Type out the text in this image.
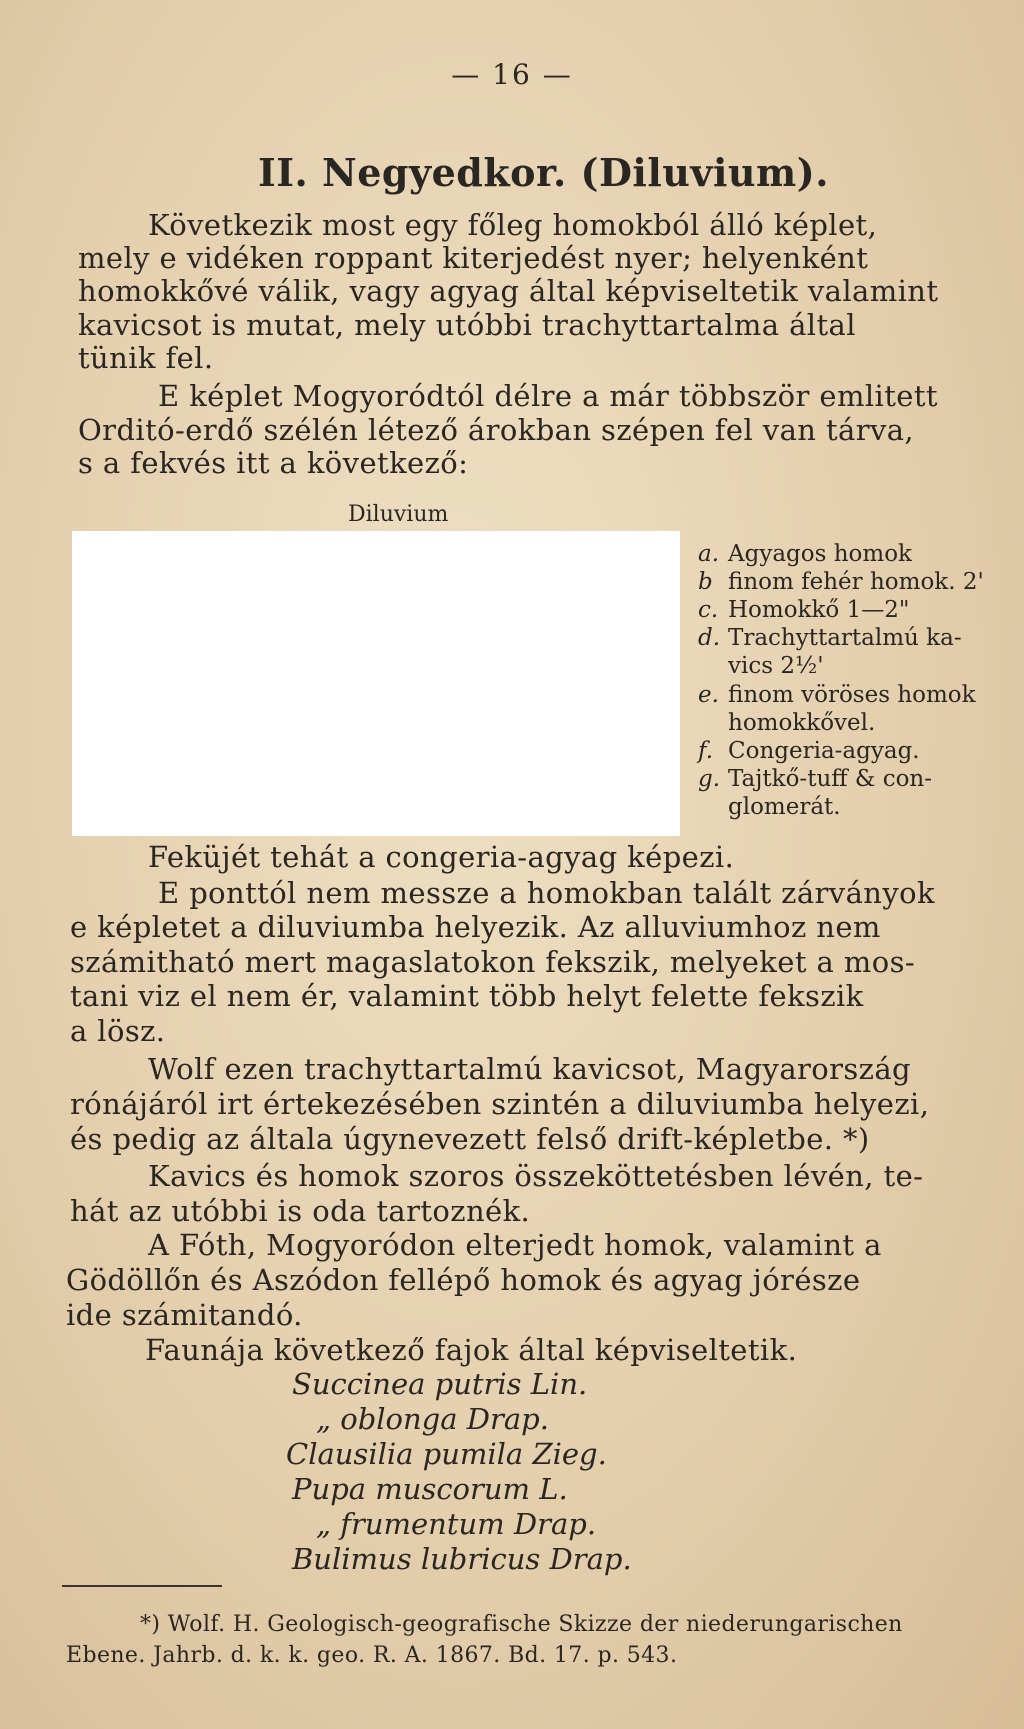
— 16 —
II. Negyedkor. (Diluvium).
Következik most egy főleg homokból álló képlet,
mely e vidéken roppant kiterjedést nyer; helyenként
homokkővé válik, vagy agyag által képviseltetik valamint
kavicsot is mutat, mely utóbbi trachyttartalma által
tünik fel.
E képlet Mogyoródtól délre a már többször emlitett
Orditó-erdő szélén létező árokban szépen fel van tárva,
s a fekvés itt a következő:
Diluvium
a. Agyagos homok
b finom fehér homok. 2'
c. Homokkő 1—2"
d. Trachyttartalmú ka-
vics 2½'
e. finom vöröses homok
homokkővel.
f. Congeria-agyag.
g. Tajtkő-tuff & con-
glomerát.
Feküjét tehát a congeria-agyag képezi.
E ponttól nem messze a homokban talált zárványok
e képletet a diluviumba helyezik. Az alluviumhoz nem
számitható mert magaslatokon fekszik, melyeket a mos-
tani viz el nem ér, valamint több helyt felette fekszik
a lösz.
Wolf ezen trachyttartalmú kavicsot, Magyarország
rónájáról irt értekezésében szintén a diluviumba helyezi,
és pedig az általa úgynevezett felső drift-képletbe. *)
Kavics és homok szoros összeköttetésben lévén, te-
hát az utóbbi is oda tartoznék.
A Fóth, Mogyoródon elterjedt homok, valamint a
Gödöllőn és Aszódon fellépő homok és agyag jórésze
ide számitandó.
Faunája következő fajok által képviseltetik.
Succinea putris Lin.
„ oblonga Drap.
Clausilia pumila Zieg.
Pupa muscorum L.
„ frumentum Drap.
Bulimus lubricus Drap.
*) Wolf. H. Geologisch-geografische Skizze der niederungarischen
Ebene. Jahrb. d. k. k. geo. R. A. 1867. Bd. 17. p. 543.
